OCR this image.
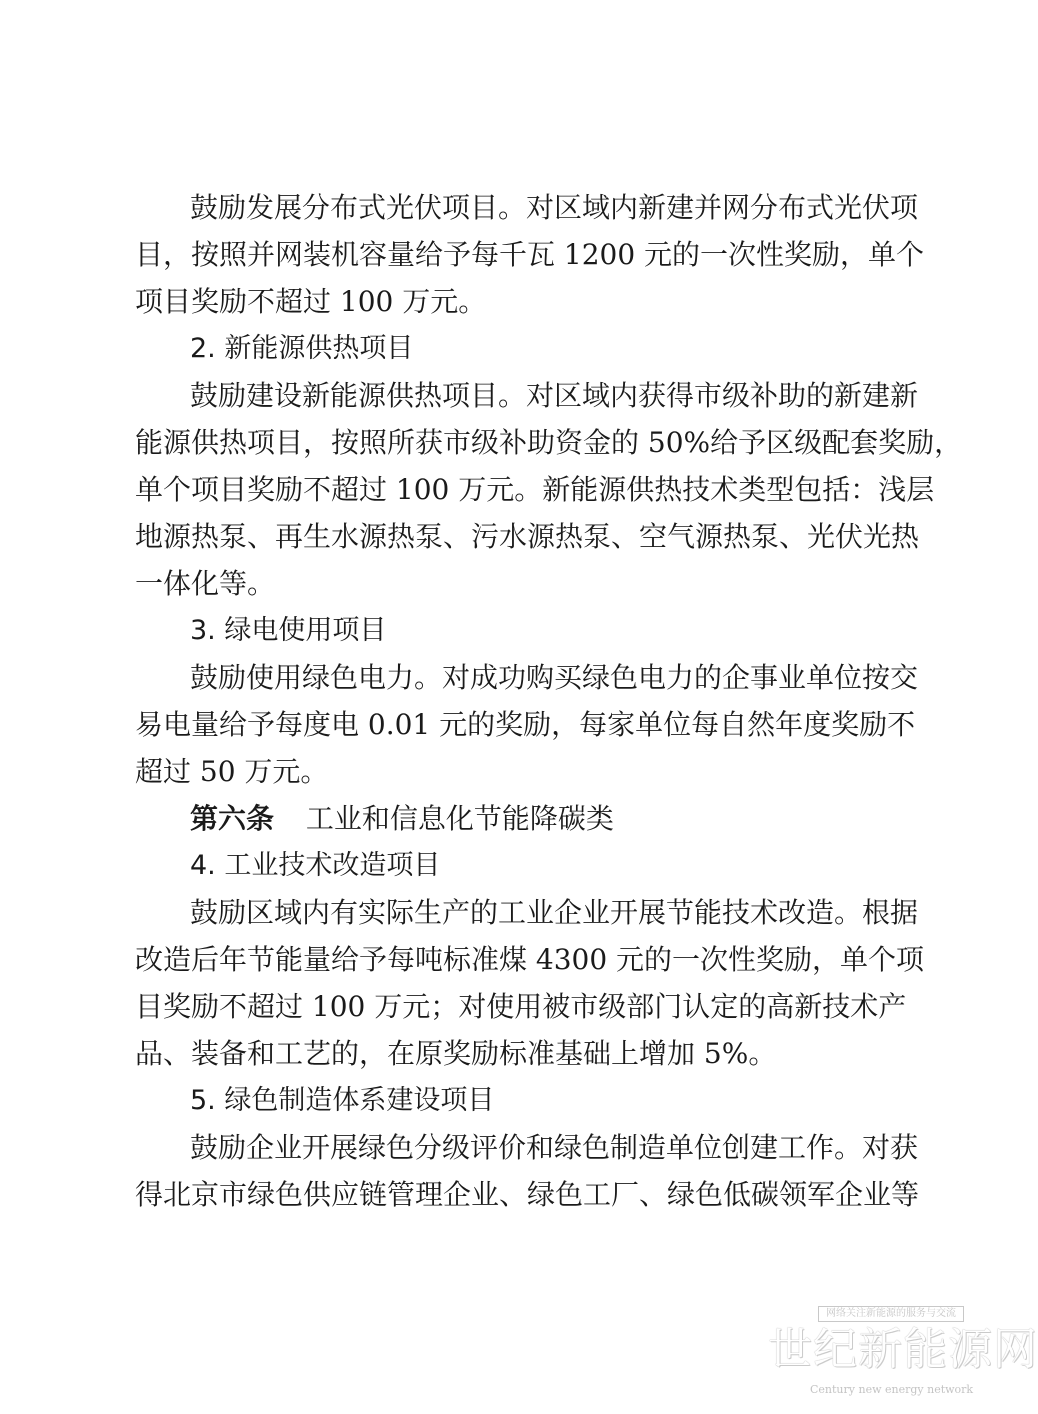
鼓励发展分布式光伏项目。对区域内新建并网分布式光伏项
目，按照并网装机容量给予每千瓦 1200 元的一次性奖励，单个
项目奖励不超过 100 万元。
2. 新能源供热项目
鼓励建设新能源供热项目。对区域内获得市级补助的新建新
能源供热项目，按照所获市级补助资金的 50%给予区级配套奖励，
单个项目奖励不超过 100 万元。新能源供热技术类型包括：浅层
地源热泵、再生水源热泵、污水源热泵、空气源热泵、光伏光热
一体化等。
3. 绿电使用项目
鼓励使用绿色电力。对成功购买绿色电力的企事业单位按交
易电量给予每度电 0.01 元的奖励，每家单位每自然年度奖励不
超过 50 万元。
第六条 工业和信息化节能降碳类
4. 工业技术改造项目
鼓励区域内有实际生产的工业企业开展节能技术改造。根据
改造后年节能量给予每吨标准煤 4300 元的一次性奖励，单个项
目奖励不超过 100 万元；对使用被市级部门认定的高新技术产
品、装备和工艺的，在原奖励标准基础上增加 5%。
5. 绿色制造体系建设项目
鼓励企业开展绿色分级评价和绿色制造单位创建工作。对获
得北京市绿色供应链管理企业、绿色工厂、绿色低碳领军企业等
网络关注新能源的服务与交流
世纪新能源网
Century new energy network
